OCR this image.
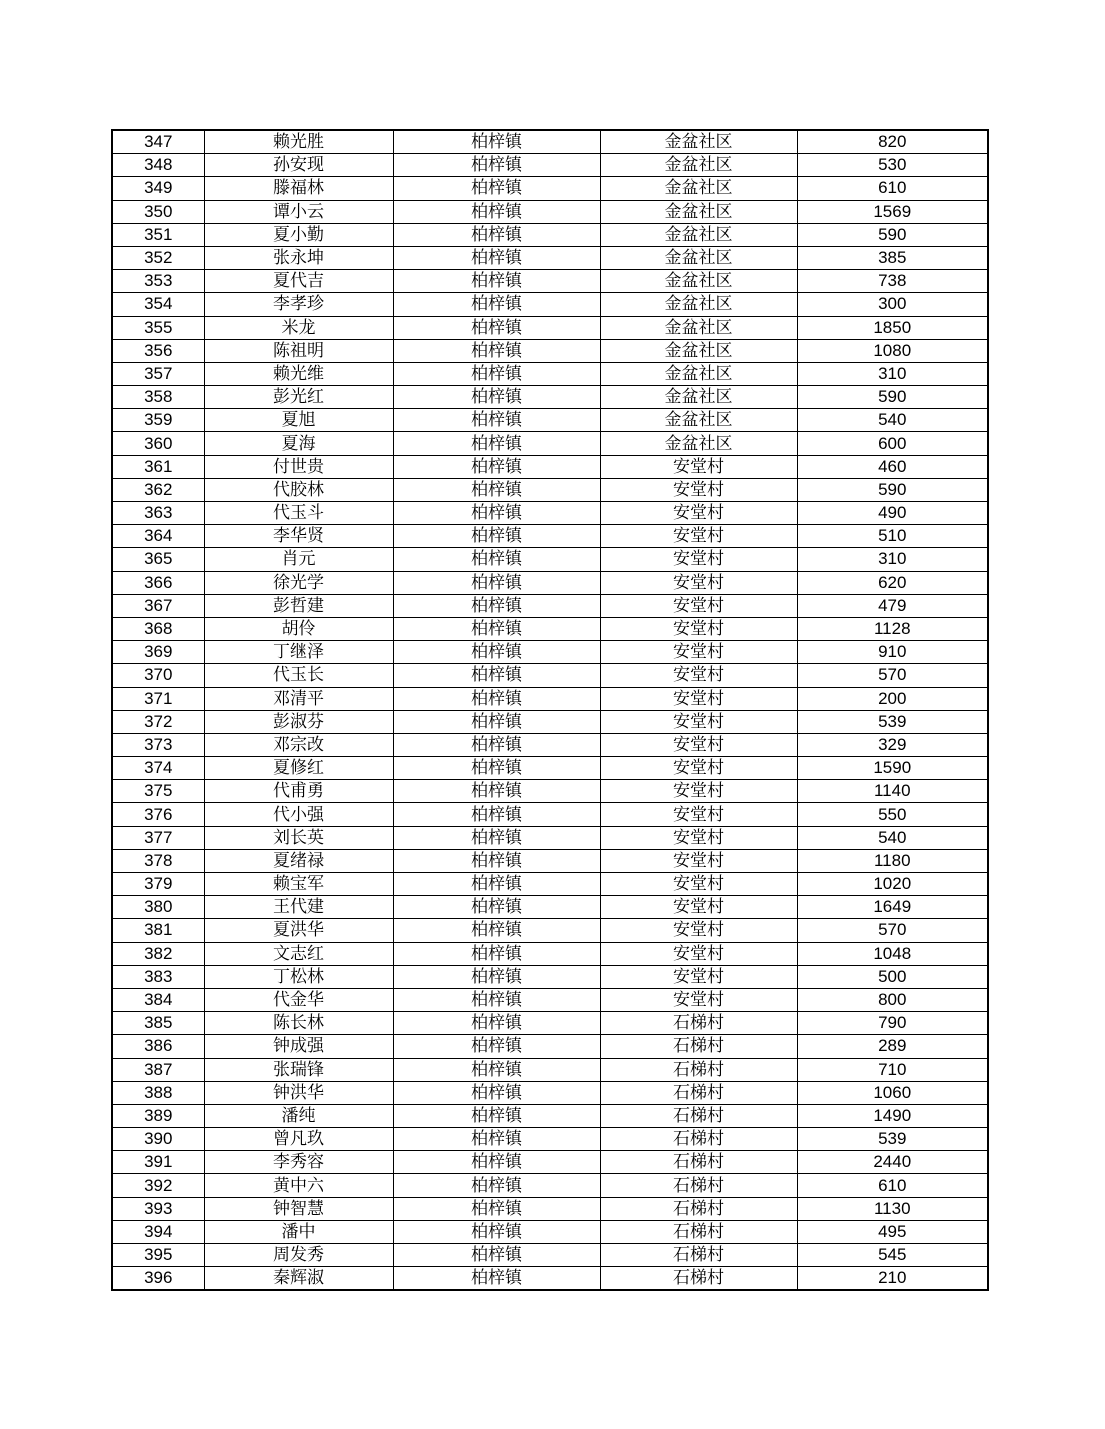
347	赖光胜	柏梓镇	金盆社区	820
348	孙安现	柏梓镇	金盆社区	530
349	滕福林	柏梓镇	金盆社区	610
350	谭小云	柏梓镇	金盆社区	1569
351	夏小勤	柏梓镇	金盆社区	590
352	张永坤	柏梓镇	金盆社区	385
353	夏代吉	柏梓镇	金盆社区	738
354	李孝珍	柏梓镇	金盆社区	300
355	米龙	柏梓镇	金盆社区	1850
356	陈祖明	柏梓镇	金盆社区	1080
357	赖光维	柏梓镇	金盆社区	310
358	彭光红	柏梓镇	金盆社区	590
359	夏旭	柏梓镇	金盆社区	540
360	夏海	柏梓镇	金盆社区	600
361	付世贵	柏梓镇	安堂村	460
362	代胶林	柏梓镇	安堂村	590
363	代玉斗	柏梓镇	安堂村	490
364	李华贤	柏梓镇	安堂村	510
365	肖元	柏梓镇	安堂村	310
366	徐光学	柏梓镇	安堂村	620
367	彭哲建	柏梓镇	安堂村	479
368	胡伶	柏梓镇	安堂村	1128
369	丁继泽	柏梓镇	安堂村	910
370	代玉长	柏梓镇	安堂村	570
371	邓清平	柏梓镇	安堂村	200
372	彭淑芬	柏梓镇	安堂村	539
373	邓宗改	柏梓镇	安堂村	329
374	夏修红	柏梓镇	安堂村	1590
375	代甫勇	柏梓镇	安堂村	1140
376	代小强	柏梓镇	安堂村	550
377	刘长英	柏梓镇	安堂村	540
378	夏绪禄	柏梓镇	安堂村	1180
379	赖宝军	柏梓镇	安堂村	1020
380	王代建	柏梓镇	安堂村	1649
381	夏洪华	柏梓镇	安堂村	570
382	文志红	柏梓镇	安堂村	1048
383	丁松林	柏梓镇	安堂村	500
384	代金华	柏梓镇	安堂村	800
385	陈长林	柏梓镇	石梯村	790
386	钟成强	柏梓镇	石梯村	289
387	张瑞锋	柏梓镇	石梯村	710
388	钟洪华	柏梓镇	石梯村	1060
389	潘纯	柏梓镇	石梯村	1490
390	曾凡玖	柏梓镇	石梯村	539
391	李秀容	柏梓镇	石梯村	2440
392	黄中六	柏梓镇	石梯村	610
393	钟智慧	柏梓镇	石梯村	1130
394	潘中	柏梓镇	石梯村	495
395	周发秀	柏梓镇	石梯村	545
396	秦辉淑	柏梓镇	石梯村	210
